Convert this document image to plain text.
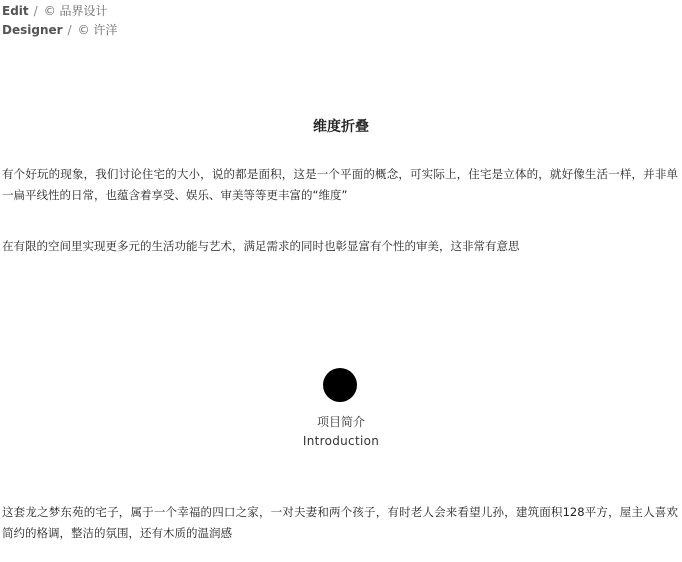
Edit / © 品界设计
Designer / © 许洋
维度折叠

有个好玩的现象，我们讨论住宅的大小，说的都是面积，这是一个平面的概念，可实际上，住宅是立体的，就好像生活一样，并非单一扁平线性的日常，也蕴含着享受、娱乐、审美等等更丰富的“维度”

在有限的空间里实现更多元的生活功能与艺术，满足需求的同时也彰显富有个性的审美，这非常有意思

项目简介
Introduction

这套龙之梦东苑的宅子，属于一个幸福的四口之家，一对夫妻和两个孩子，有时老人会来看望儿孙，建筑面积128平方，屋主人喜欢简约的格调，整洁的氛围，还有木质的温润感
